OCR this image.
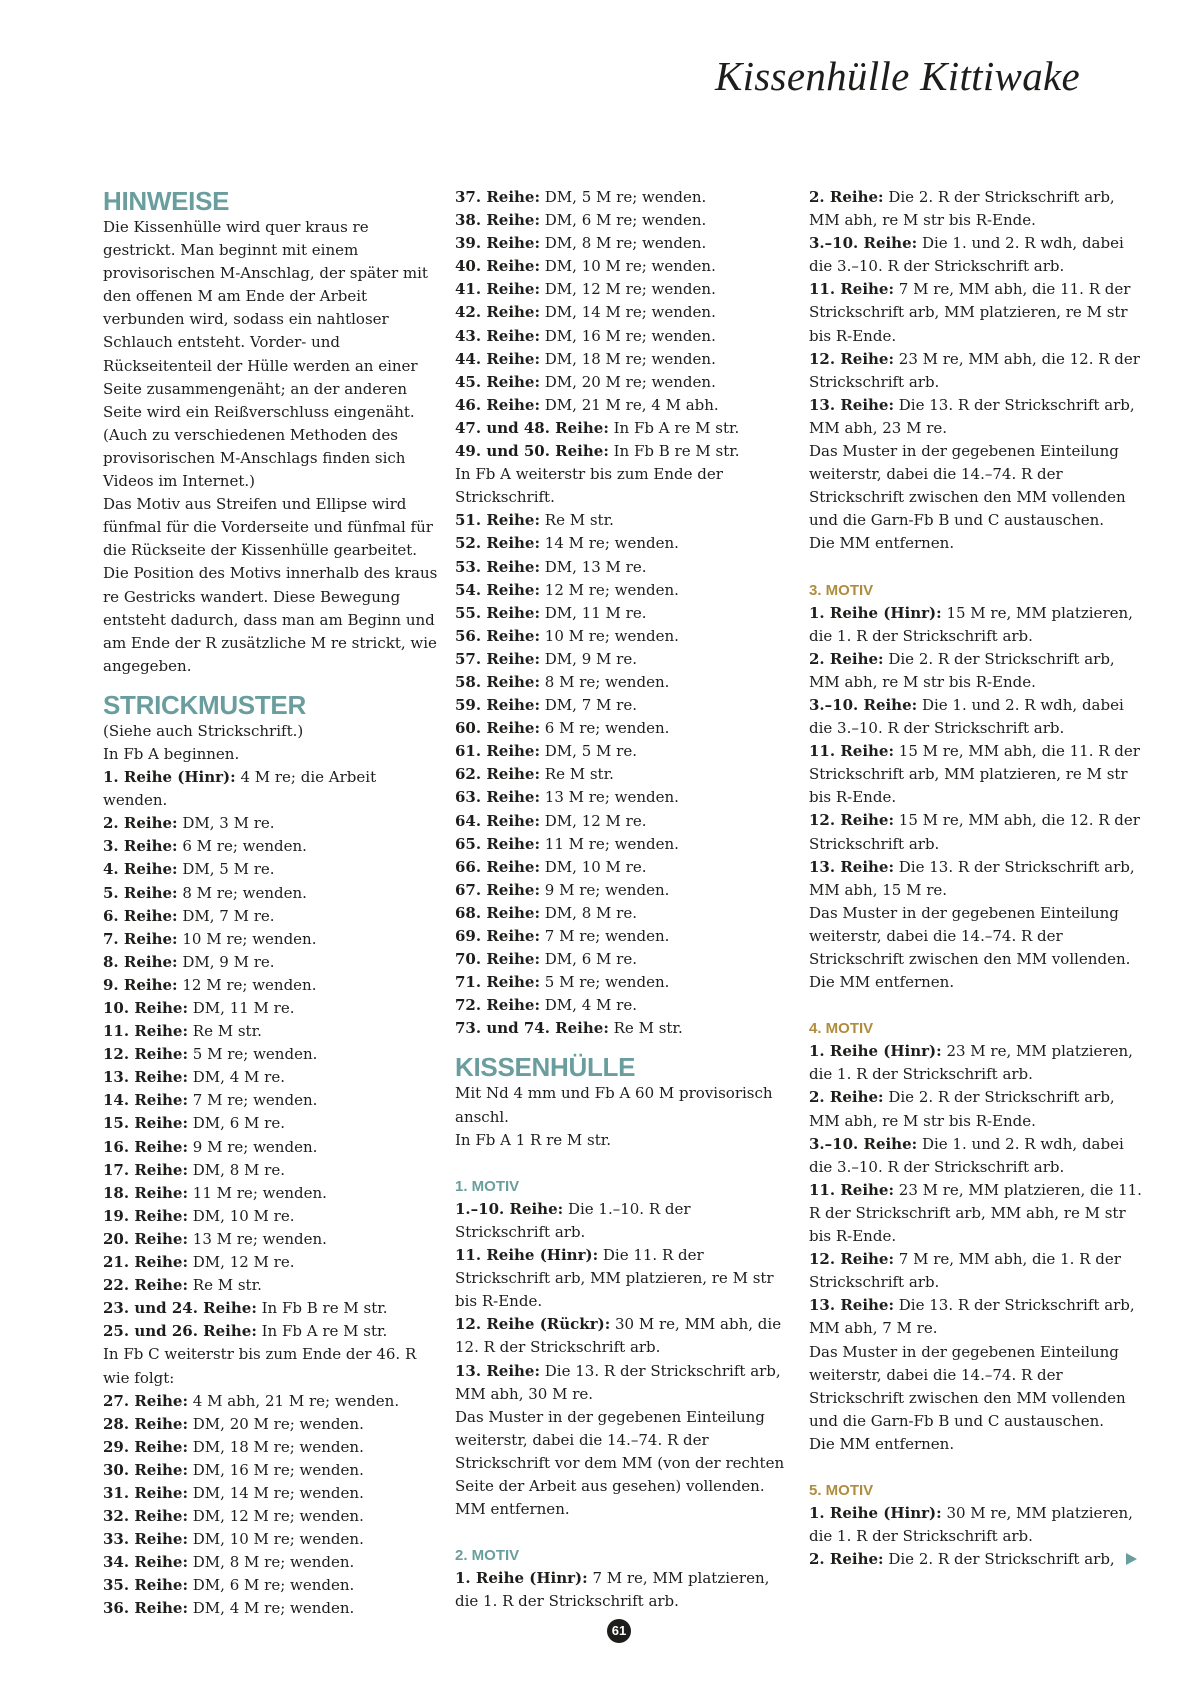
Kissenhülle Kittiwake
HINWEISE

Die Kissenhülle wird quer kraus re gestrickt. Man beginnt mit einem provisorischen M-Anschlag, der später mit den offenen M am Ende der Arbeit verbunden wird, sodass ein nahtloser Schlauch entsteht. Vorder- und Rückseitenteil der Hülle werden an einer Seite zusammengenäht; an der anderen Seite wird ein Reißverschluss eingenäht. (Auch zu verschiedenen Methoden des provisorischen M-Anschlags finden sich Videos im Internet.)

Das Motiv aus Streifen und Ellipse wird fünfmal für die Vorderseite und fünfmal für die Rückseite der Kissenhülle gearbeitet. Die Position des Motivs innerhalb des kraus re Gestricks wandert. Diese Bewegung entsteht dadurch, dass man am Beginn und am Ende der R zusätzliche M re strickt, wie angegeben.

STRICKMUSTER

(Siehe auch Strickschrift.)

In Fb A beginnen.

1. Reihe (Hinr): 4 M re; die Arbeit wenden.

2. Reihe: DM, 3 M re.

3. Reihe: 6 M re; wenden.

4. Reihe: DM, 5 M re.

5. Reihe: 8 M re; wenden.

6. Reihe: DM, 7 M re.

7. Reihe: 10 M re; wenden.

8. Reihe: DM, 9 M re.

9. Reihe: 12 M re; wenden.

10. Reihe: DM, 11 M re.

11. Reihe: Re M str.

12. Reihe: 5 M re; wenden.

13. Reihe: DM, 4 M re.

14. Reihe: 7 M re; wenden.

15. Reihe: DM, 6 M re.

16. Reihe: 9 M re; wenden.

17. Reihe: DM, 8 M re.

18. Reihe: 11 M re; wenden.

19. Reihe: DM, 10 M re.

20. Reihe: 13 M re; wenden.

21. Reihe: DM, 12 M re.

22. Reihe: Re M str.

23. und 24. Reihe: In Fb B re M str.

25. und 26. Reihe: In Fb A re M str.

In Fb C weiterstr bis zum Ende der 46. R wie folgt:

27. Reihe: 4 M abh, 21 M re; wenden.

28. Reihe: DM, 20 M re; wenden.

29. Reihe: DM, 18 M re; wenden.

30. Reihe: DM, 16 M re; wenden.

31. Reihe: DM, 14 M re; wenden.

32. Reihe: DM, 12 M re; wenden.

33. Reihe: DM, 10 M re; wenden.

34. Reihe: DM, 8 M re; wenden.

35. Reihe: DM, 6 M re; wenden.

36. Reihe: DM, 4 M re; wenden.

37. Reihe: DM, 5 M re; wenden.

38. Reihe: DM, 6 M re; wenden.

39. Reihe: DM, 8 M re; wenden.

40. Reihe: DM, 10 M re; wenden.

41. Reihe: DM, 12 M re; wenden.

42. Reihe: DM, 14 M re; wenden.

43. Reihe: DM, 16 M re; wenden.

44. Reihe: DM, 18 M re; wenden.

45. Reihe: DM, 20 M re; wenden.

46. Reihe: DM, 21 M re, 4 M abh.

47. und 48. Reihe: In Fb A re M str.

49. und 50. Reihe: In Fb B re M str.

In Fb A weiterstr bis zum Ende der Strickschrift.

51. Reihe: Re M str.

52. Reihe: 14 M re; wenden.

53. Reihe: DM, 13 M re.

54. Reihe: 12 M re; wenden.

55. Reihe: DM, 11 M re.

56. Reihe: 10 M re; wenden.

57. Reihe: DM, 9 M re.

58. Reihe: 8 M re; wenden.

59. Reihe: DM, 7 M re.

60. Reihe: 6 M re; wenden.

61. Reihe: DM, 5 M re.

62. Reihe: Re M str.

63. Reihe: 13 M re; wenden.

64. Reihe: DM, 12 M re.

65. Reihe: 11 M re; wenden.

66. Reihe: DM, 10 M re.

67. Reihe: 9 M re; wenden.

68. Reihe: DM, 8 M re.

69. Reihe: 7 M re; wenden.

70. Reihe: DM, 6 M re.

71. Reihe: 5 M re; wenden.

72. Reihe: DM, 4 M re.

73. und 74. Reihe: Re M str.

KISSENHÜLLE

Mit Nd 4 mm und Fb A 60 M provisorisch anschl.

In Fb A 1 R re M str.

1. MOTIV

1.–10. Reihe: Die 1.–10. R der Strickschrift arb.

11. Reihe (Hinr): Die 11. R der Strickschrift arb, MM platzieren, re M str bis R-Ende.

12. Reihe (Rückr): 30 M re, MM abh, die 12. R der Strickschrift arb.

13. Reihe: Die 13. R der Strickschrift arb, MM abh, 30 M re.

Das Muster in der gegebenen Einteilung weiterstr, dabei die 14.–74. R der Strickschrift vor dem MM (von der rechten Seite der Arbeit aus gesehen) vollenden.

MM entfernen.

2. MOTIV

1. Reihe (Hinr): 7 M re, MM platzieren, die 1. R der Strickschrift arb.

2. Reihe: Die 2. R der Strickschrift arb, MM abh, re M str bis R-Ende.

3.–10. Reihe: Die 1. und 2. R wdh, dabei die 3.–10. R der Strickschrift arb.

11. Reihe: 7 M re, MM abh, die 11. R der Strickschrift arb, MM platzieren, re M str bis R-Ende.

12. Reihe: 23 M re, MM abh, die 12. R der Strickschrift arb.

13. Reihe: Die 13. R der Strickschrift arb, MM abh, 23 M re.

Das Muster in der gegebenen Einteilung weiterstr, dabei die 14.–74. R der Strickschrift zwischen den MM vollenden und die Garn-Fb B und C austauschen.

Die MM entfernen.

3. MOTIV

1. Reihe (Hinr): 15 M re, MM platzieren, die 1. R der Strickschrift arb.

2. Reihe: Die 2. R der Strickschrift arb, MM abh, re M str bis R-Ende.

3.–10. Reihe: Die 1. und 2. R wdh, dabei die 3.–10. R der Strickschrift arb.

11. Reihe: 15 M re, MM abh, die 11. R der Strickschrift arb, MM platzieren, re M str bis R-Ende.

12. Reihe: 15 M re, MM abh, die 12. R der Strickschrift arb.

13. Reihe: Die 13. R der Strickschrift arb, MM abh, 15 M re.

Das Muster in der gegebenen Einteilung weiterstr, dabei die 14.–74. R der Strickschrift zwischen den MM vollenden.

Die MM entfernen.

4. MOTIV

1. Reihe (Hinr): 23 M re, MM platzieren, die 1. R der Strickschrift arb.

2. Reihe: Die 2. R der Strickschrift arb, MM abh, re M str bis R-Ende.

3.–10. Reihe: Die 1. und 2. R wdh, dabei die 3.–10. R der Strickschrift arb.

11. Reihe: 23 M re, MM platzieren, die 11. R der Strickschrift arb, MM abh, re M str bis R-Ende.

12. Reihe: 7 M re, MM abh, die 1. R der Strickschrift arb.

13. Reihe: Die 13. R der Strickschrift arb, MM abh, 7 M re.

Das Muster in der gegebenen Einteilung weiterstr, dabei die 14.–74. R der Strickschrift zwischen den MM vollenden und die Garn-Fb B und C austauschen.

Die MM entfernen.

5. MOTIV

1. Reihe (Hinr): 30 M re, MM platzieren, die 1. R der Strickschrift arb.

2. Reihe: Die 2. R der Strickschrift arb,

61
